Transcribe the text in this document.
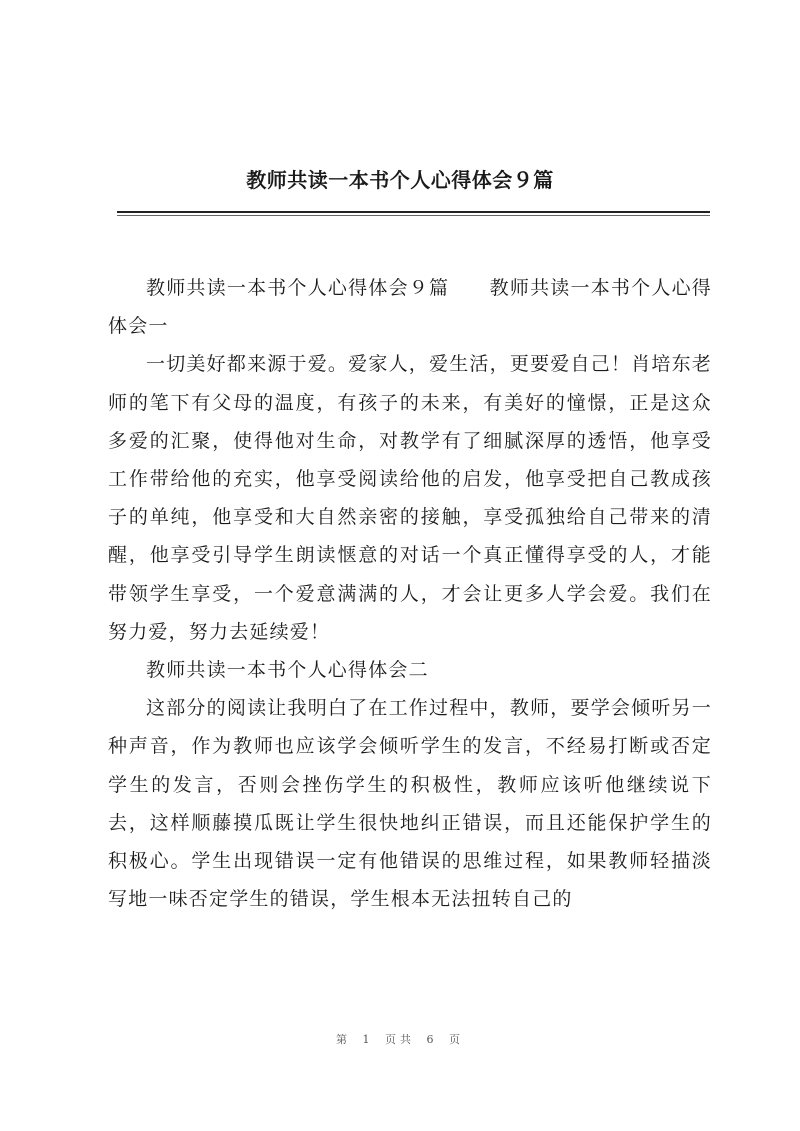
教师共读一本书个人心得体会９篇

教师共读一本书个人心得体会９篇　　教师共读一本书个人心得体会一

一切美好都来源于爱。爱家人，爱生活，更要爱自己！肖培东老师的笔下有父母的温度，有孩子的未来，有美好的憧憬，正是这众多爱的汇聚，使得他对生命，对教学有了细腻深厚的透悟，他享受工作带给他的充实，他享受阅读给他的启发，他享受把自己教成孩子的单纯，他享受和大自然亲密的接触，享受孤独给自己带来的清醒，他享受引导学生朗读惬意的对话一个真正懂得享受的人，才能带领学生享受，一个爱意满满的人，才会让更多人学会爱。我们在努力爱，努力去延续爱！

教师共读一本书个人心得体会二

这部分的阅读让我明白了在工作过程中，教师，要学会倾听另一种声音，作为教师也应该学会倾听学生的发言，不经易打断或否定学生的发言，否则会挫伤学生的积极性，教师应该听他继续说下去，这样顺藤摸瓜既让学生很快地纠正错误，而且还能保护学生的积极心。学生出现错误一定有他错误的思维过程，如果教师轻描淡写地一味否定学生的错误，学生根本无法扭转自己的

第 1 页共 6 页
